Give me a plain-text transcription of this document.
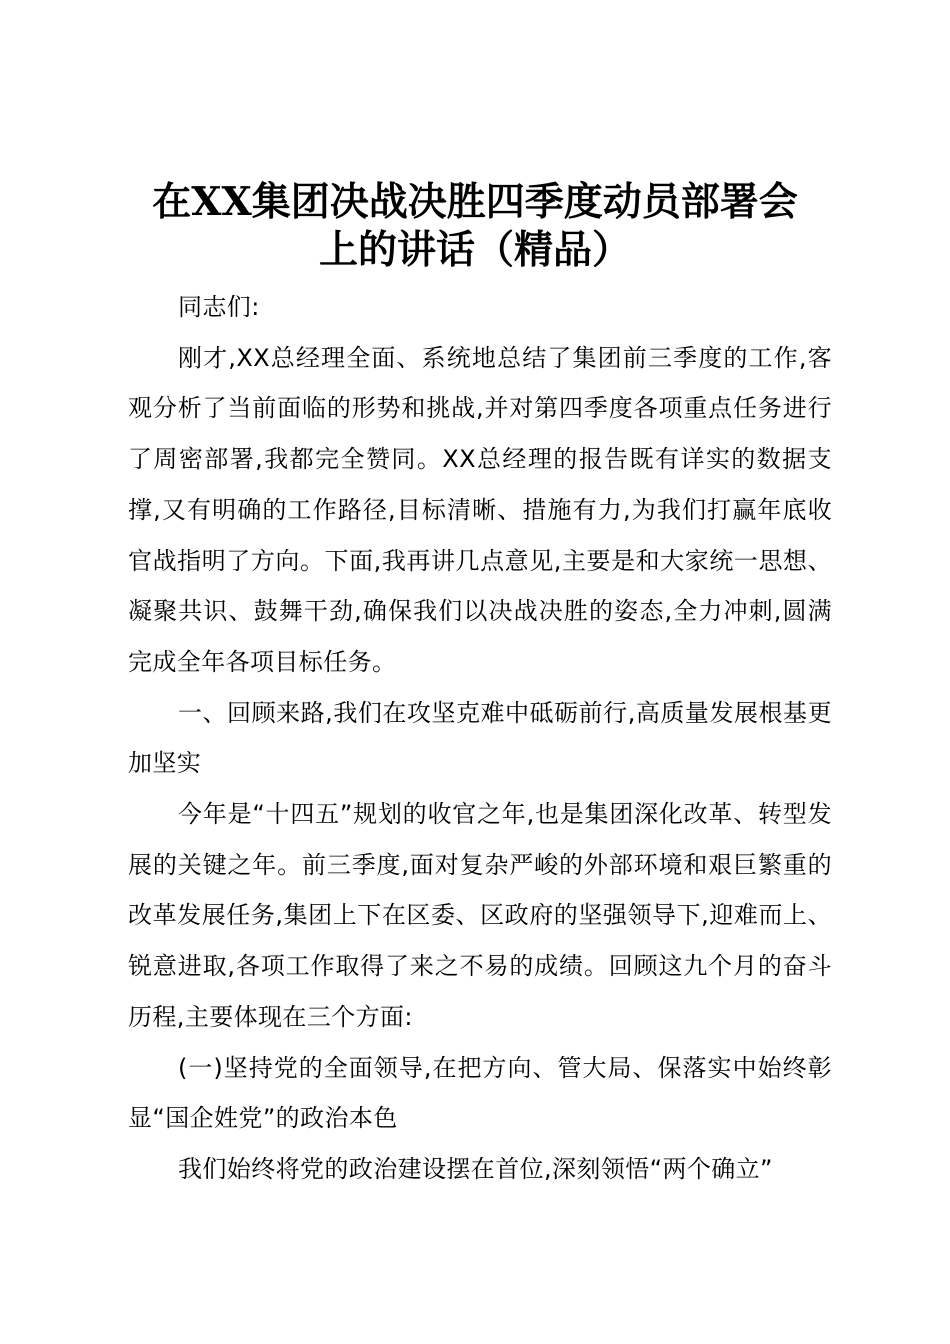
在XX集团决战决胜四季度动员部署会
上的讲话（精品）

同志们:

刚才,XX总经理全面、系统地总结了集团前三季度的工作,客观分析了当前面临的形势和挑战,并对第四季度各项重点任务进行了周密部署,我都完全赞同。XX总经理的报告既有详实的数据支撑,又有明确的工作路径,目标清晰、措施有力,为我们打赢年底收官战指明了方向。下面,我再讲几点意见,主要是和大家统一思想、凝聚共识、鼓舞干劲,确保我们以决战决胜的姿态,全力冲刺,圆满完成全年各项目标任务。

一、回顾来路,我们在攻坚克难中砥砺前行,高质量发展根基更加坚实

今年是“十四五”规划的收官之年,也是集团深化改革、转型发展的关键之年。前三季度,面对复杂严峻的外部环境和艰巨繁重的改革发展任务,集团上下在区委、区政府的坚强领导下,迎难而上、锐意进取,各项工作取得了来之不易的成绩。回顾这九个月的奋斗历程,主要体现在三个方面:

(一)坚持党的全面领导,在把方向、管大局、保落实中始终彰显“国企姓党”的政治本色

我们始终将党的政治建设摆在首位,深刻领悟“两个确立”
